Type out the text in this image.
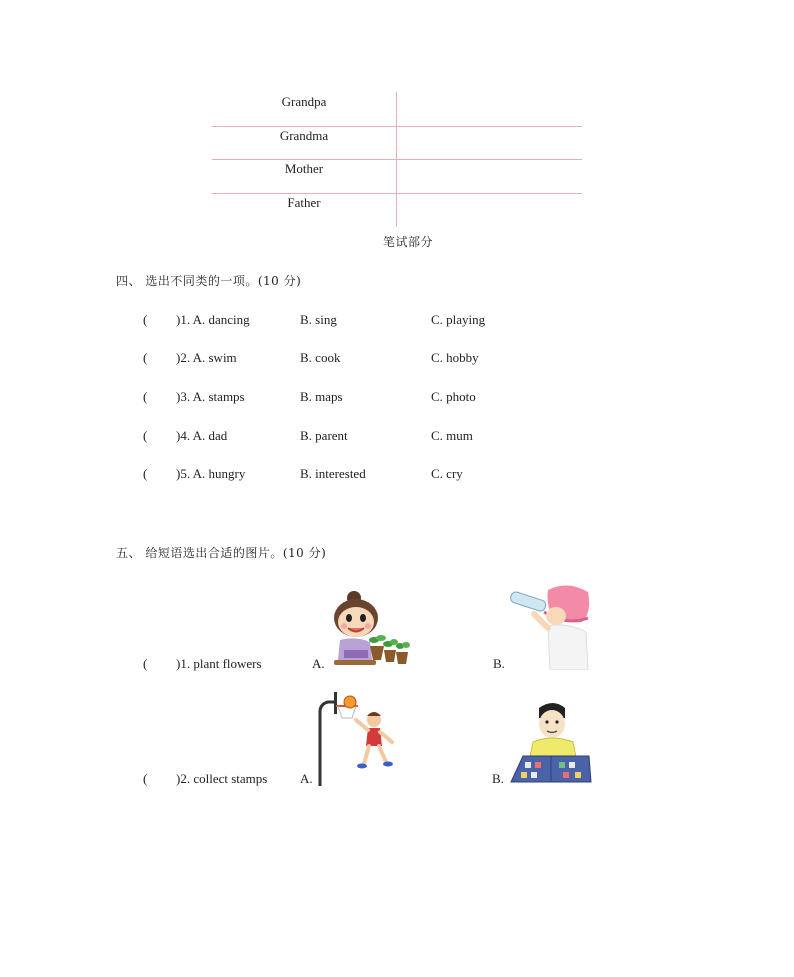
Grandpa
Grandma
Mother
Father
笔试部分
四、 选出不同类的一项。(10 分)
( )1. A. dancing	B. sing	C. playing
( )2. A. swim	B. cook	C. hobby
( )3. A. stamps	B. maps	C. photo
( )4. A. dad	B. parent	C. mum
( )5. A. hungry	B. interested	C. cry
五、 给短语选出合适的图片。(10 分)
( )1. plant flowers	A.	B.
( )2. collect stamps	A.	B.
